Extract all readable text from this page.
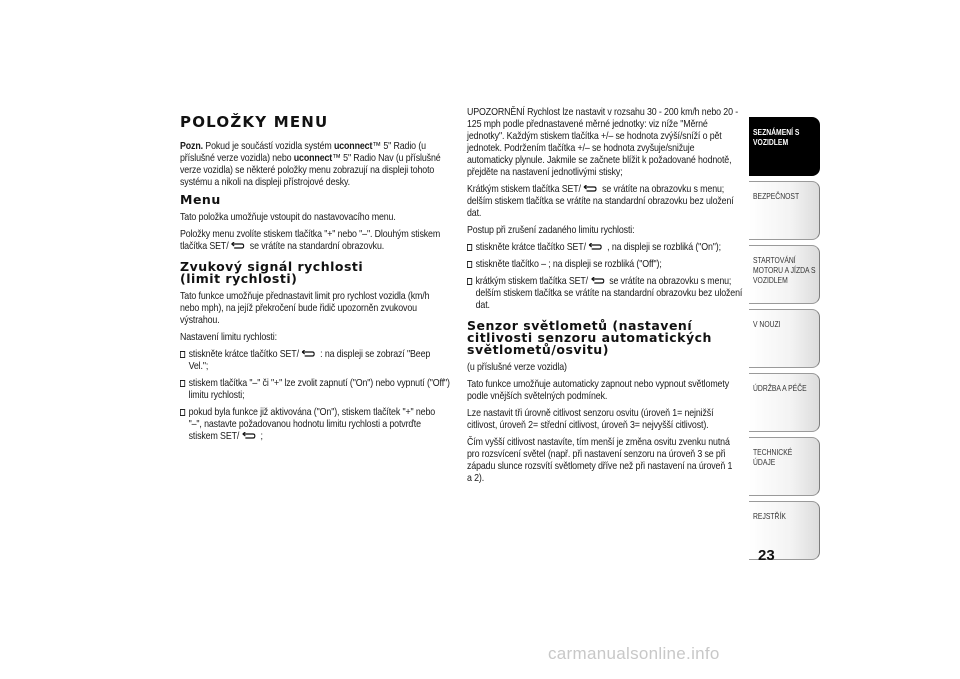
POLOŽKY MENU

Pozn. Pokud je součástí vozidla systém uconnect™ 5" Radio (u příslušné verze vozidla) nebo uconnect™ 5" Radio Nav (u příslušné verze vozidla) se některé položky menu zobrazují na displeji tohoto systému a nikoli na displeji přístrojové desky.

Menu

Tato položka umožňuje vstoupit do nastavovacího menu.

Položky menu zvolíte stiskem tlačítka "+" nebo "–". Dlouhým stiskem tlačítka SET/ se vrátíte na standardní obrazovku.

Zvukový signál rychlosti
(limit rychlosti)

Tato funkce umožňuje přednastavit limit pro rychlost vozidla (km/h nebo mph), na jejíž překročení bude řidič upozorněn zvukovou výstrahou.

Nastavení limitu rychlosti:

stiskněte krátce tlačítko SET/ : na displeji se zobrazí "Beep Vel.";

stiskem tlačítka "–" či "+" lze zvolit zapnutí ("On") nebo vypnutí ("Off") limitu rychlosti;

pokud byla funkce již aktivována ("On"), stiskem tlačítek "+" nebo "–", nastavte požadovanou hodnotu limitu rychlosti a potvrďte stiskem SET/ ;

UPOZORNĚNÍ Rychlost lze nastavit v rozsahu 30 - 200 km/h nebo 20 - 125 mph podle přednastavené měrné jednotky: viz níže "Měrné jednotky". Každým stiskem tlačítka +/– se hodnota zvýší/sníží o pět jednotek. Podržením tlačítka +/– se hodnota zvyšuje/snižuje automaticky plynule. Jakmile se začnete blížit k požadované hodnotě, přejděte na nastavení jednotlivými stisky;

Krátkým stiskem tlačítka SET/ se vrátíte na obrazovku s menu; delším stiskem tlačítka se vrátíte na standardní obrazovku bez uložení dat.

Postup při zrušení zadaného limitu rychlosti:

stiskněte krátce tlačítko SET/ , na displeji se rozbliká ("On");

stiskněte tlačítko – ; na displeji se rozbliká ("Off");

krátkým stiskem tlačítka SET/ se vrátíte na obrazovku s menu; delším stiskem tlačítka se vrátíte na standardní obrazovku bez uložení dat.

Senzor světlometů (nastavení
citlivosti senzoru automatických
světlometů/osvitu)

(u příslušné verze vozidla)

Tato funkce umožňuje automaticky zapnout nebo vypnout světlomety podle vnějších světelných podmínek.

Lze nastavit tři úrovně citlivost senzoru osvitu (úroveň 1= nejnižší citlivost, úroveň 2= střední citlivost, úroveň 3= nejvyšší citlivost).

Čím vyšší citlivost nastavíte, tím menší je změna osvitu zvenku nutná pro rozsvícení světel (např. při nastavení senzoru na úroveň 3 se při západu slunce rozsvítí světlomety dříve než při nastavení na úroveň 1 a 2).

SEZNÁMENÍ S VOZIDLEM
BEZPEČNOST
STARTOVÁNÍ MOTORU A JÍZDA S VOZIDLEM
V NOUZI
ÚDRŽBA A PÉČE
TECHNICKÉ ÚDAJE
REJSTŘÍK
23
carmanualsonline.info
